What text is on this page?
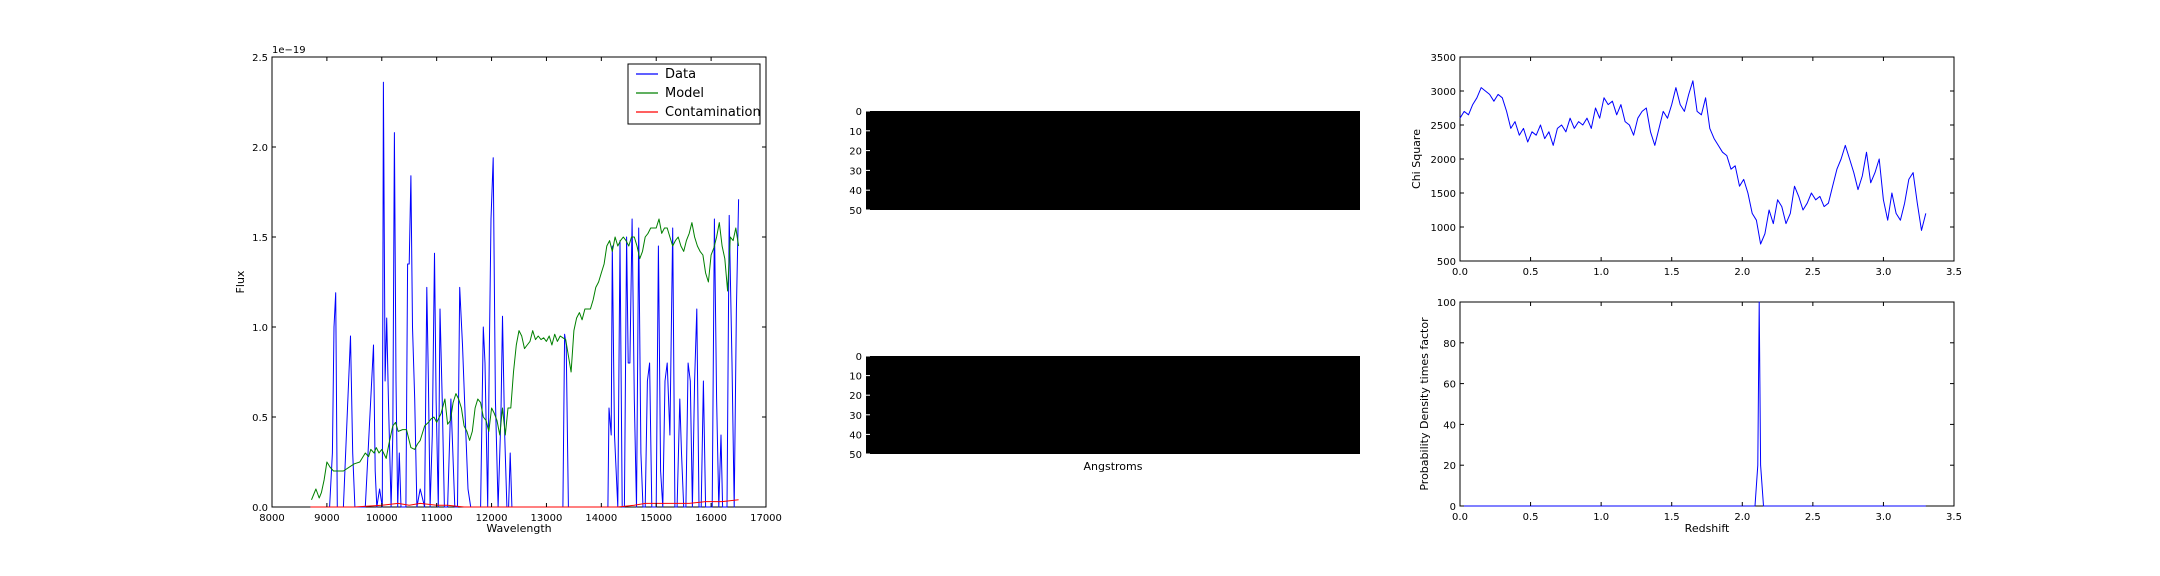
8000	9000	10000 11000 12000 13000 14000 15000 16000 17000
0.0
0.5
1.0
1.5
2.0
2.5
1e−19
Wavelength
Flux
Data
Model
Contamination	0
10
20
30
40
50
0
10
20
30
40
50
Angstroms
0.0	0.5	1.0	1.5	2.0	2.5	3.0	3.5
500
1000
1500
2000
2500
3000
3500
Chi Square
0.0	0.5	1.0	1.5	2.0	2.5	3.0	3.5
0
20
40
60
80
100
Redshift
Probability Density times factor
